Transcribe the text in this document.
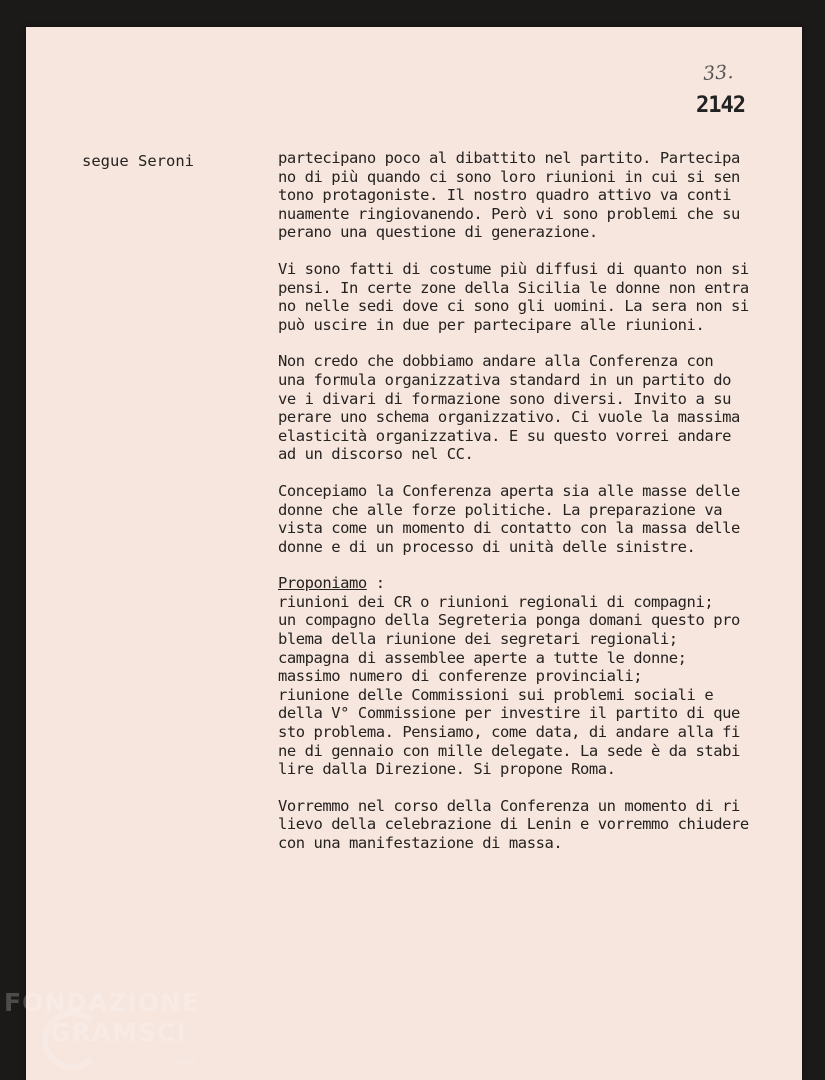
33.
2142
segue Seroni	partecipano poco al dibattito nel partito. Partecipa
no di più quando ci sono loro riunioni in cui si sen
tono protagoniste. Il nostro quadro attivo va conti
nuamente ringiovanendo. Però vi sono problemi che su
perano una questione di generazione.

Vi sono fatti di costume più diffusi di quanto non si
pensi. In certe zone della Sicilia le donne non entra
no nelle sedi dove ci sono gli uomini. La sera non si
può uscire in due per partecipare alle riunioni.

Non credo che dobbiamo andare alla Conferenza con
una formula organizzativa standard in un partito do
ve i divari di formazione sono diversi. Invito a su
perare uno schema organizzativo. Ci vuole la massima
elasticità organizzativa. E su questo vorrei andare
ad un discorso nel CC.

Concepiamo la Conferenza aperta sia alle masse delle
donne che alle forze politiche. La preparazione va
vista come un momento di contatto con la massa delle
donne e di un processo di unità delle sinistre.

Proponiamo :
riunioni dei CR o riunioni regionali di compagni;
un compagno della Segreteria ponga domani questo pro
blema della riunione dei segretari regionali;
campagna di assemblee aperte a tutte le donne;
massimo numero di conferenze provinciali;
riunione delle Commissioni sui problemi sociali e
della V° Commissione per investire il partito di que
sto problema. Pensiamo, come data, di andare alla fi
ne di gennaio con mille delegate. La sede è da stabi
lire dalla Direzione. Si propone Roma.

Vorremmo nel corso della Conferenza un momento di ri
lievo della celebrazione di Lenin e vorremmo chiudere
con una manifestazione di massa.

FONDAZIONE
GRAMSCI
onlus
